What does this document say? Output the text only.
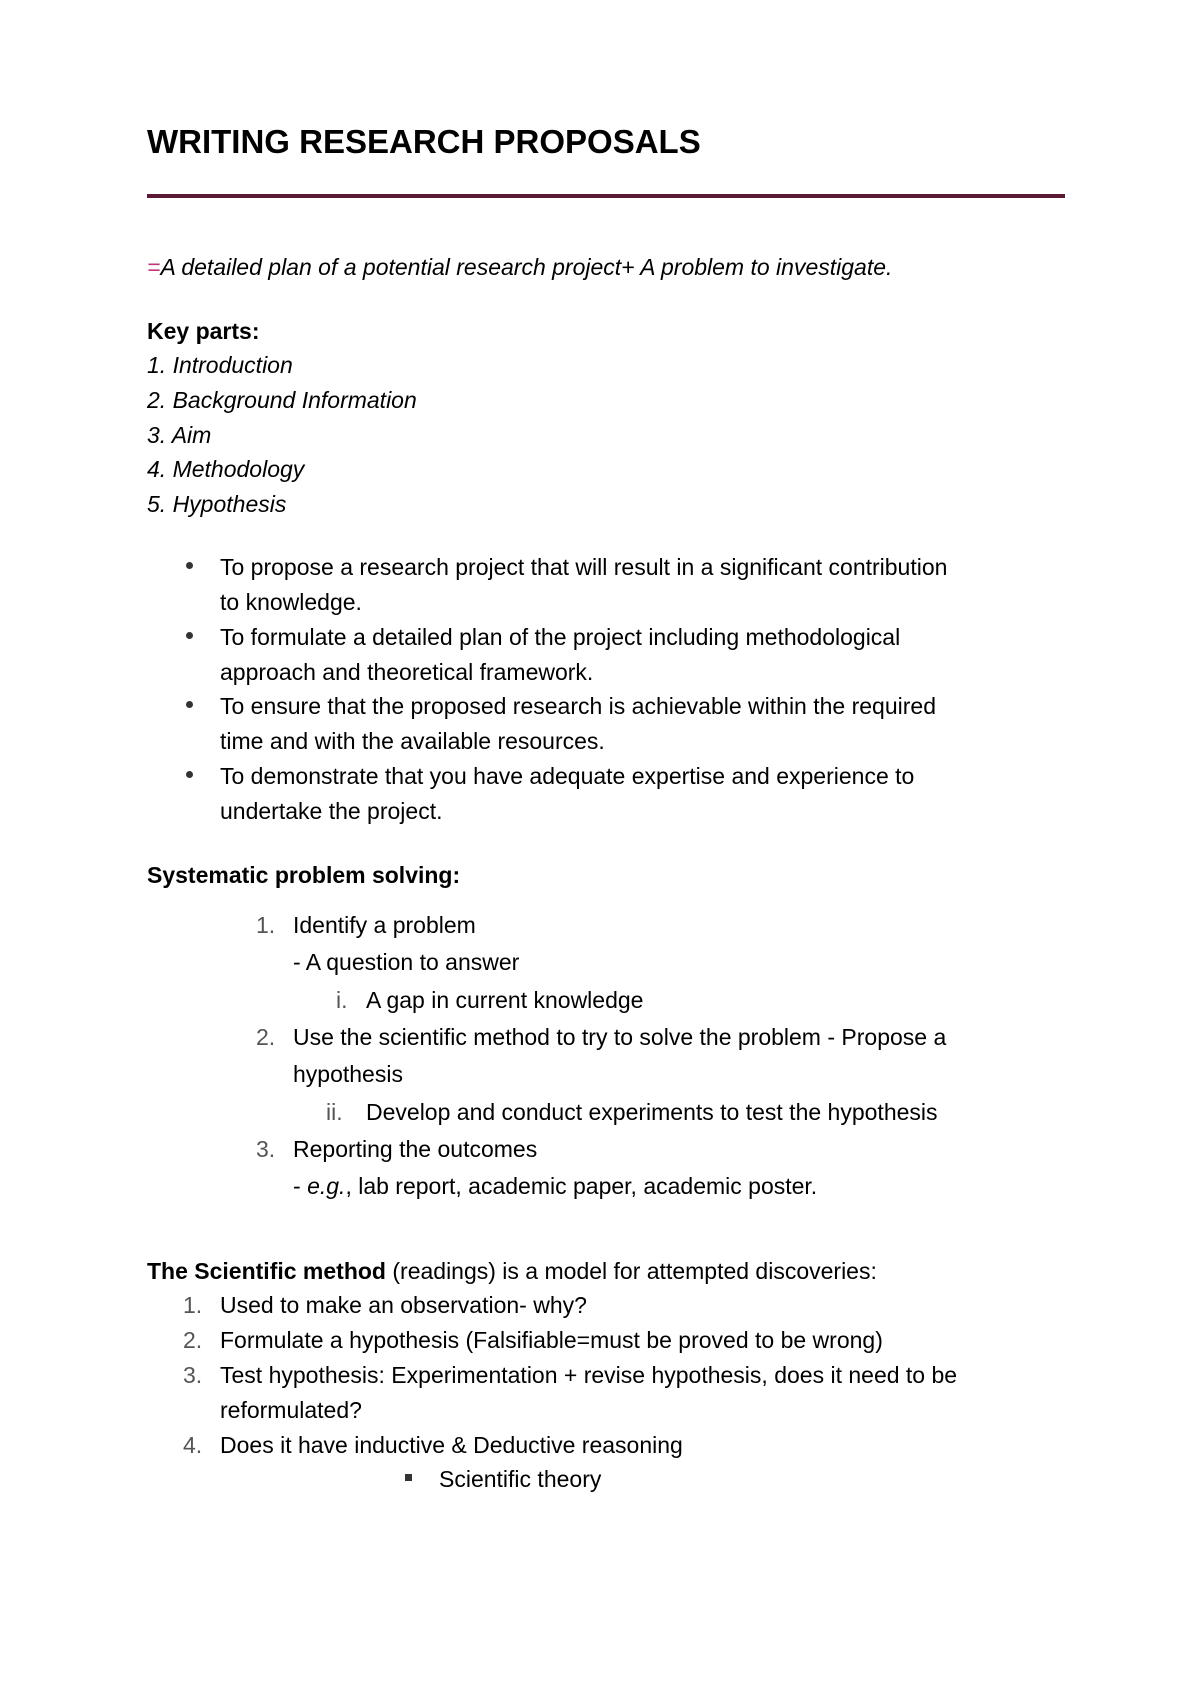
WRITING RESEARCH PROPOSALS
=A detailed plan of a potential research project+ A problem to investigate.
Key parts:
1. Introduction
2. Background Information
3. Aim
4. Methodology
5. Hypothesis
To propose a research project that will result in a significant contribution
to knowledge.
To formulate a detailed plan of the project including methodological
approach and theoretical framework.
To ensure that the proposed research is achievable within the required
time and with the available resources.
To demonstrate that you have adequate expertise and experience to
undertake the project.
Systematic problem solving:
1. Identify a problem
- A question to answer
i. A gap in current knowledge
2. Use the scientific method to try to solve the problem - Propose a
hypothesis
ii. Develop and conduct experiments to test the hypothesis
3. Reporting the outcomes
- e.g., lab report, academic paper, academic poster.
The Scientific method (readings) is a model for attempted discoveries:
1. Used to make an observation- why?
2. Formulate a hypothesis (Falsifiable=must be proved to be wrong)
3. Test hypothesis: Experimentation + revise hypothesis, does it need to be
reformulated?
4. Does it have inductive & Deductive reasoning
Scientific theory
